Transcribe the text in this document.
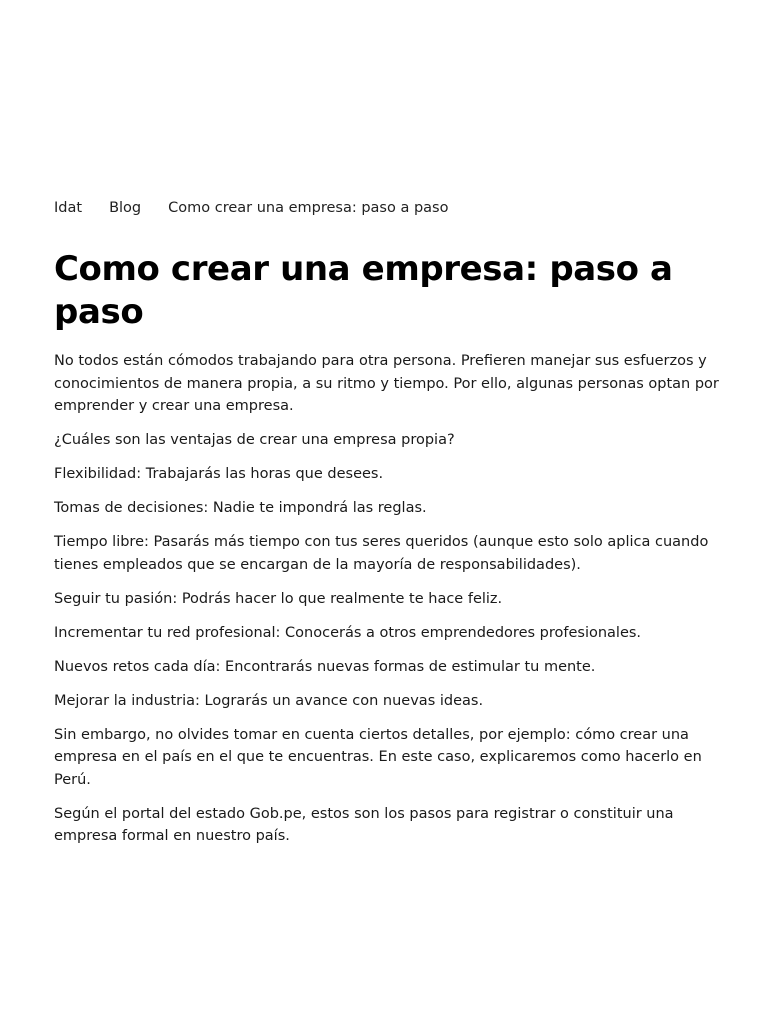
Idat Blog Como crear una empresa: paso a paso
Como crear una empresa: paso a paso

No todos están cómodos trabajando para otra persona. Prefieren manejar sus esfuerzos y conocimientos de manera propia, a su ritmo y tiempo. Por ello, algunas personas optan por emprender y crear una empresa.

¿Cuáles son las ventajas de crear una empresa propia?

Flexibilidad: Trabajarás las horas que desees.

Tomas de decisiones: Nadie te impondrá las reglas.

Tiempo libre: Pasarás más tiempo con tus seres queridos (aunque esto solo aplica cuando tienes empleados que se encargan de la mayoría de responsabilidades).

Seguir tu pasión: Podrás hacer lo que realmente te hace feliz.

Incrementar tu red profesional: Conocerás a otros emprendedores profesionales.

Nuevos retos cada día: Encontrarás nuevas formas de estimular tu mente.

Mejorar la industria: Lograrás un avance con nuevas ideas.

Sin embargo, no olvides tomar en cuenta ciertos detalles, por ejemplo: cómo crear una empresa en el país en el que te encuentras. En este caso, explicaremos como hacerlo en Perú.

Según el portal del estado Gob.pe, estos son los pasos para registrar o constituir una empresa formal en nuestro país.
